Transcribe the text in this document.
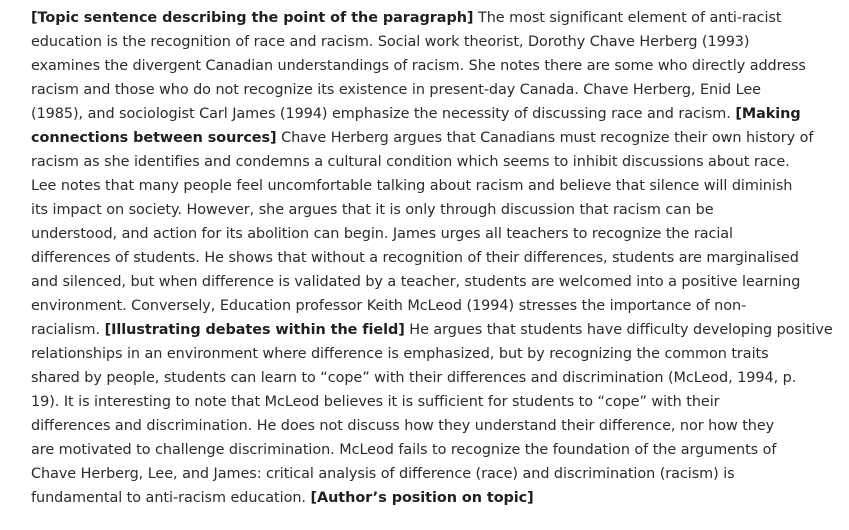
[Topic sentence describing the point of the paragraph] The most significant element of anti-racist
education is the recognition of race and racism. Social work theorist, Dorothy Chave Herberg (1993)
examines the divergent Canadian understandings of racism. She notes there are some who directly address
racism and those who do not recognize its existence in present-day Canada. Chave Herberg, Enid Lee
(1985), and sociologist Carl James (1994) emphasize the necessity of discussing race and racism. [Making
connections between sources] Chave Herberg argues that Canadians must recognize their own history of
racism as she identifies and condemns a cultural condition which seems to inhibit discussions about race.
Lee notes that many people feel uncomfortable talking about racism and believe that silence will diminish
its impact on society. However, she argues that it is only through discussion that racism can be
understood, and action for its abolition can begin. James urges all teachers to recognize the racial
differences of students. He shows that without a recognition of their differences, students are marginalised
and silenced, but when difference is validated by a teacher, students are welcomed into a positive learning
environment. Conversely, Education professor Keith McLeod (1994) stresses the importance of non-
racialism. [Illustrating debates within the field] He argues that students have difficulty developing positive
relationships in an environment where difference is emphasized, but by recognizing the common traits
shared by people, students can learn to “cope” with their differences and discrimination (McLeod, 1994, p.
19). It is interesting to note that McLeod believes it is sufficient for students to “cope” with their
differences and discrimination. He does not discuss how they understand their difference, nor how they
are motivated to challenge discrimination. McLeod fails to recognize the foundation of the arguments of
Chave Herberg, Lee, and James: critical analysis of difference (race) and discrimination (racism) is
fundamental to anti-racism education. [Author’s position on topic]
